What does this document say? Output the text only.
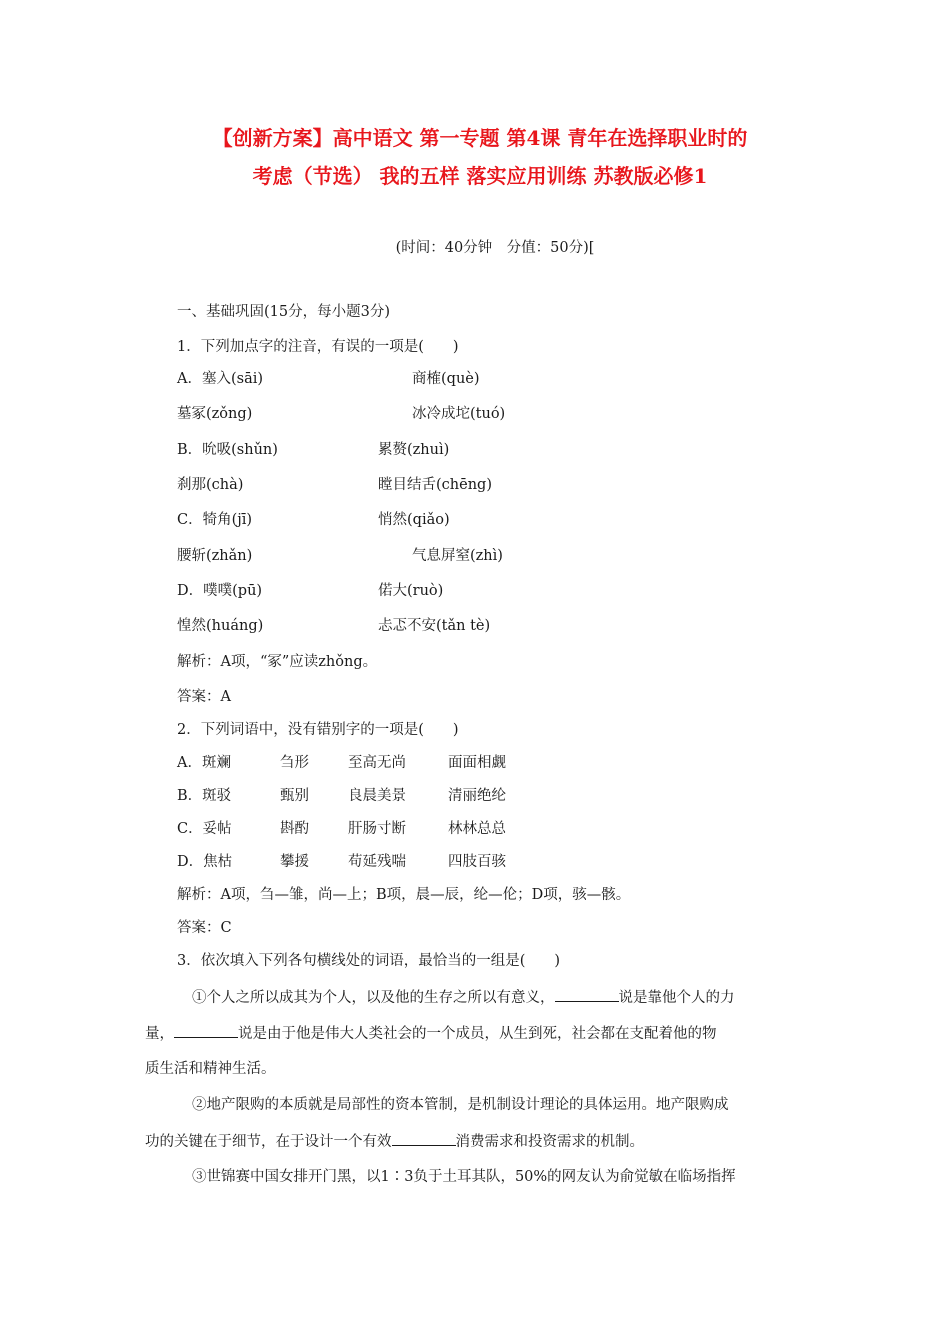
【创新方案】高中语文 第一专题 第4课 青年在选择职业时的
考虑（节选） 我的五样 落实应用训练 苏教版必修1
(时间：40分钟　分值：50分)[
一、基础巩固(15分，每小题3分)
1．下列加点字的注音，有误的一项是(　　)
A．塞入(sāi)	商榷(què)
墓冢(zǒng)	冰冷成坨(tuó)
B．吮吸(shǔn)	累赘(zhuì)
刹那(chà)	瞠目结舌(chēng)
C．犄角(jī)	悄然(qiǎo)
腰斩(zhǎn)	气息屏窒(zhì)
D．噗噗(pū)	偌大(ruò)
惶然(huáng)	忐忑不安(tǎn tè)
解析：A项，“冢”应读zhǒng。
答案：A
2．下列词语中，没有错别字的一项是(　　)
A．斑斓	刍形	至高无尚	面面相觑
B．斑驳	甄别	良晨美景	清丽绝纶
C．妥帖	斟酌	肝肠寸断	林林总总
D．焦枯	攀援	苟延残喘	四肢百骇
解析：A项，刍—雏，尚—上；B项，晨—辰，纶—伦；D项，骇—骸。
答案：C
3．依次填入下列各句横线处的词语，最恰当的一组是(　　)
①个人之所以成其为个人，以及他的生存之所以有意义，	说是靠他个人的力
量，	说是由于他是伟大人类社会的一个成员，从生到死，社会都在支配着他的物
质生活和精神生活。
②地产限购的本质就是局部性的资本管制，是机制设计理论的具体运用。地产限购成
功的关键在于细节，在于设计一个有效	消费需求和投资需求的机制。
③世锦赛中国女排开门黑，以1∶3负于土耳其队，50%的网友认为俞觉敏在临场指挥
